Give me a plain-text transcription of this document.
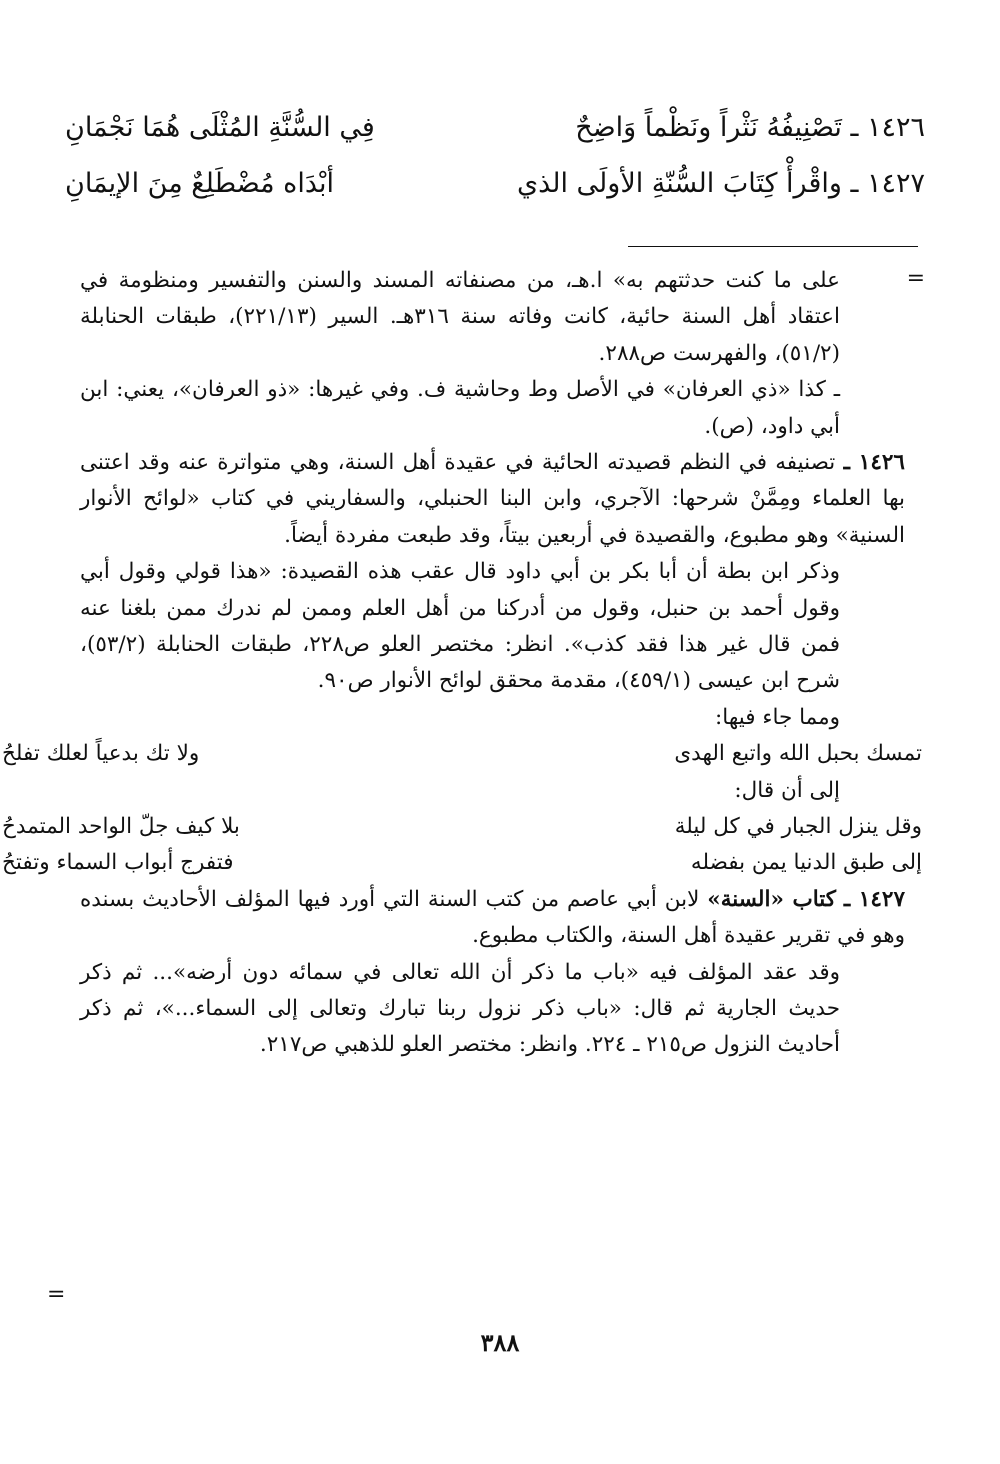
١٤٢٦ ـ تَصْنِيفُهُ نَثْراً ونَظْماً وَاضِحٌ
فِي السُّنَّةِ المُثْلَى هُمَا نَجْمَانِ
١٤٢٧ ـ واقْرأْ كِتَابَ السُّنّةِ الأولَى الذي
أبْدَاه مُضْطَلِعٌ مِنَ الإيمَانِ
=

على ما كنت حدثتهم به» ا.هـ، من مصنفاته المسند والسنن والتفسير ومنظومة في اعتقاد أهل السنة حائية، كانت وفاته سنة ٣١٦هـ. السير (٢٢١/١٣)، طبقات الحنابلة (٥١/٢)، والفهرست ص٢٨٨.

ـ كذا «ذي العرفان» في الأصل وط وحاشية ف. وفي غيرها: «ذو العرفان»، يعني: ابن أبي داود، (ص).

١٤٢٦ ـ تصنيفه في النظم قصيدته الحائية في عقيدة أهل السنة، وهي متواترة عنه وقد اعتنى بها العلماء ومِمَّنْ شرحها: الآجري، وابن البنا الحنبلي، والسفاريني في كتاب «لوائح الأنوار السنية» وهو مطبوع، والقصيدة في أربعين بيتاً، وقد طبعت مفردة أيضاً.

وذكر ابن بطة أن أبا بكر بن أبي داود قال عقب هذه القصيدة: «هذا قولي وقول أبي وقول أحمد بن حنبل، وقول من أدركنا من أهل العلم وممن لم ندرك ممن بلغنا عنه فمن قال غير هذا فقد كذب». انظر: مختصر العلو ص٢٢٨، طبقات الحنابلة (٥٣/٢)، شرح ابن عيسى (٤٥٩/١)، مقدمة محقق لوائح الأنوار ص٩٠.

ومما جاء فيها:

تمسك بحبل الله واتبع الهدى
ولا تك بدعياً لعلك تفلحُ

إلى أن قال:

وقل ينزل الجبار في كل ليلة
بلا كيف جلّ الواحد المتمدحُ
إلى طبق الدنيا يمن بفضله
فتفرج أبواب السماء وتفتحُ

١٤٢٧ ـ كتاب «السنة» لابن أبي عاصم من كتب السنة التي أورد فيها المؤلف الأحاديث بسنده وهو في تقرير عقيدة أهل السنة، والكتاب مطبوع.

وقد عقد المؤلف فيه «باب ما ذكر أن الله تعالى في سمائه دون أرضه»... ثم ذكر حديث الجارية ثم قال: «باب ذكر نزول ربنا تبارك وتعالى إلى السماء...»، ثم ذكر أحاديث النزول ص٢١٥ ـ ٢٢٤. وانظر: مختصر العلو للذهبي ص٢١٧.

=
٣٨٨
